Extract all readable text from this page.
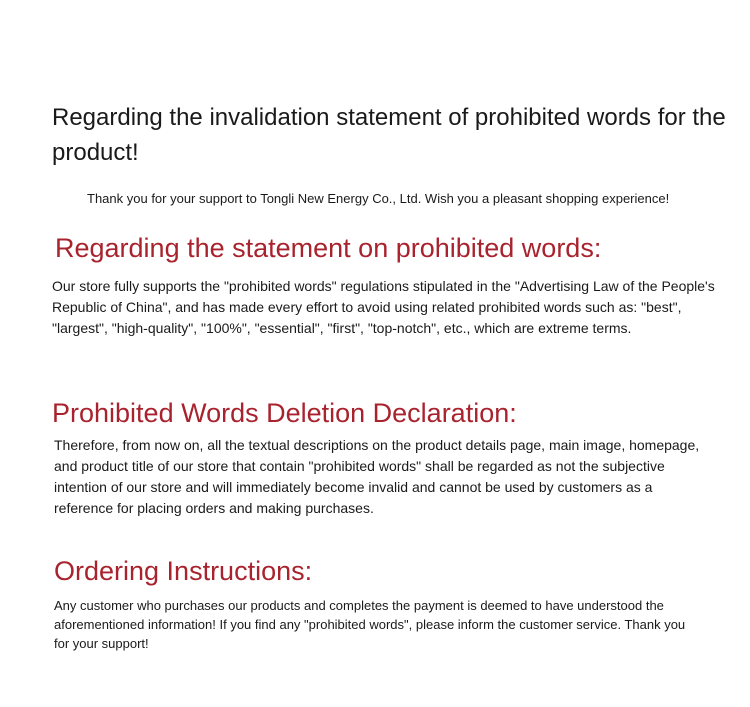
Regarding the invalidation statement of prohibited words for the product!

Thank you for your support to Tongli New Energy Co., Ltd. Wish you a pleasant shopping experience!

Regarding the statement on prohibited words:

Our store fully supports the "prohibited words" regulations stipulated in the "Advertising Law of the People's Republic of China", and has made every effort to avoid using related prohibited words such as: "best", "largest", "high-quality", "100%", "essential", "first", "top-notch", etc., which are extreme terms.

Prohibited Words Deletion Declaration:

Therefore, from now on, all the textual descriptions on the product details page, main image, homepage, and product title of our store that contain "prohibited words" shall be regarded as not the subjective intention of our store and will immediately become invalid and cannot be used by customers as a reference for placing orders and making purchases.

Ordering Instructions:

Any customer who purchases our products and completes the payment is deemed to have understood the aforementioned information! If you find any "prohibited words", please inform the customer service. Thank you for your support!
